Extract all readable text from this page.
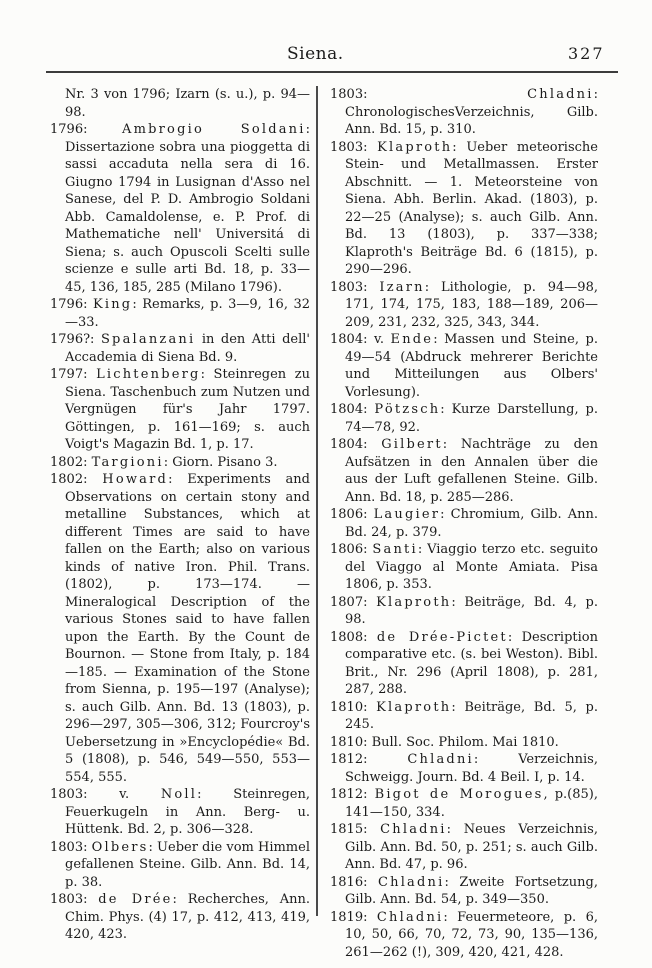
Siena.	327

Nr. 3 von 1796; Izarn (s. u.), p. 94—98.

1796: Ambrogio Soldani: Dissertazione sobra una pioggetta di sassi accaduta nella sera di 16. Giugno 1794 in Lusignan d'Asso nel Sanese, del P. D. Ambrogio Soldani Abb. Camaldolense, e. P. Prof. di Mathematiche nell' Universitá di Siena; s. auch Opuscoli Scelti sulle scienze e sulle arti Bd. 18, p. 33—45, 136, 185, 285 (Milano 1796).

1796: King: Remarks, p. 3—9, 16, 32—33.

1796?: Spalanzani in den Atti dell' Accademia di Siena Bd. 9.

1797: Lichtenberg: Steinregen zu Siena. Taschenbuch zum Nutzen und Vergnügen für's Jahr 1797. Göttingen, p. 161—169; s. auch Voigt's Magazin Bd. 1, p. 17.

1802: Targioni: Giorn. Pisano 3.

1802: Howard: Experiments and Observations on certain stony and metalline Substances, which at different Times are said to have fallen on the Earth; also on various kinds of native Iron. Phil. Trans. (1802), p. 173—174. — Mineralogical Description of the various Stones said to have fallen upon the Earth. By the Count de Bournon. — Stone from Italy, p. 184—185. — Examination of the Stone from Sienna, p. 195—197 (Analyse); s. auch Gilb. Ann. Bd. 13 (1803), p. 296—297, 305—306, 312; Fourcroy's Uebersetzung in »Encyclopédie« Bd. 5 (1808), p. 546, 549—550, 553—554, 555.

1803: v. Noll: Steinregen, Feuerkugeln in Ann. Berg- u. Hüttenk. Bd. 2, p. 306—328.

1803: Olbers: Ueber die vom Himmel gefallenen Steine. Gilb. Ann. Bd. 14, p. 38.

1803: de Drée: Recherches, Ann. Chim. Phys. (4) 17, p. 412, 413, 419, 420, 423.

1803: Chladni: ChronologischesVerzeichnis, Gilb. Ann. Bd. 15, p. 310.

1803: Klaproth: Ueber meteorische Stein- und Metallmassen. Erster Abschnitt. — 1. Meteorsteine von Siena. Abh. Berlin. Akad. (1803), p. 22—25 (Analyse); s. auch Gilb. Ann. Bd. 13 (1803), p. 337—338; Klaproth's Beiträge Bd. 6 (1815), p. 290—296.

1803: Izarn: Lithologie, p. 94—98, 171, 174, 175, 183, 188—189, 206—209, 231, 232, 325, 343, 344.

1804: v. Ende: Massen und Steine, p. 49—54 (Abdruck mehrerer Berichte und Mitteilungen aus Olbers' Vorlesung).

1804: Pötzsch: Kurze Darstellung, p. 74—78, 92.

1804: Gilbert: Nachträge zu den Aufsätzen in den Annalen über die aus der Luft gefallenen Steine. Gilb. Ann. Bd. 18, p. 285—286.

1806: Laugier: Chromium, Gilb. Ann. Bd. 24, p. 379.

1806: Santi: Viaggio terzo etc. seguito del Viaggo al Monte Amiata. Pisa 1806, p. 353.

1807: Klaproth: Beiträge, Bd. 4, p. 98.

1808: de Drée-Pictet: Description comparative etc. (s. bei Weston). Bibl. Brit., Nr. 296 (April 1808), p. 281, 287, 288.

1810: Klaproth: Beiträge, Bd. 5, p. 245.

1810: Bull. Soc. Philom. Mai 1810.

1812: Chladni: Verzeichnis, Schweigg. Journ. Bd. 4 Beil. I, p. 14.

1812: Bigot de Morogues, p.(85), 141—150, 334.

1815: Chladni: Neues Verzeichnis, Gilb. Ann. Bd. 50, p. 251; s. auch Gilb. Ann. Bd. 47, p. 96.

1816: Chladni: Zweite Fortsetzung, Gilb. Ann. Bd. 54, p. 349—350.

1819: Chladni: Feuermeteore, p. 6, 10, 50, 66, 70, 72, 73, 90, 135—136, 261—262 (!), 309, 420, 421, 428.
